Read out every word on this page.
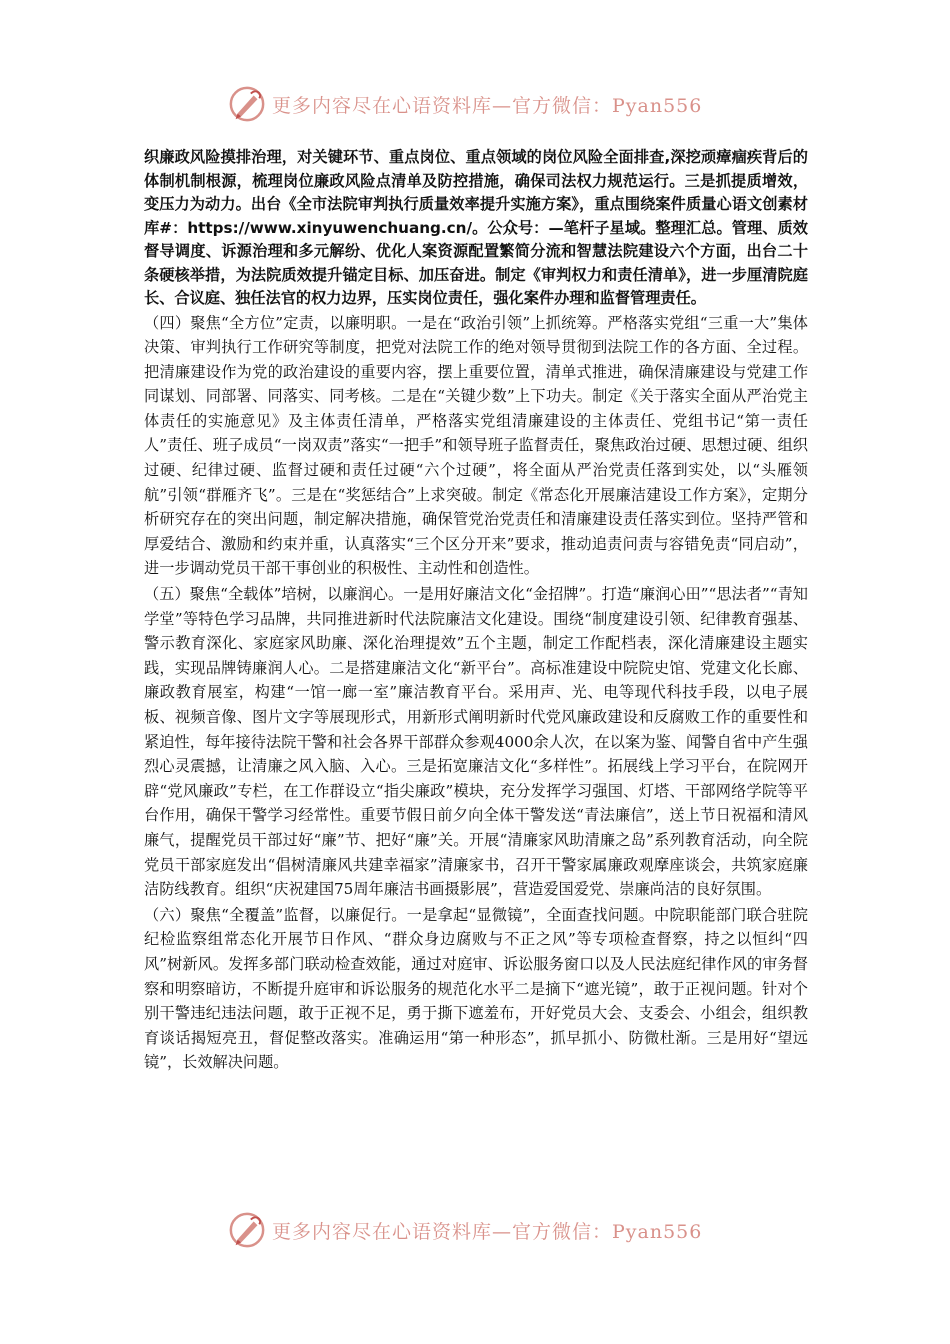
更多内容尽在心语资料库—官方微信：Pyan556

织廉政风险摸排治理，对关键环节、重点岗位、重点领域的岗位风险全面排查,深挖顽瘴痼疾背后的体制机制根源，梳理岗位廉政风险点清单及防控措施，确保司法权力规范运行。三是抓提质增效，变压力为动力。出台《全市法院审判执行质量效率提升实施方案》，重点围绕案件质量心语文创素材库#：https://www.xinyuwenchuang.cn/。公众号：—笔杆子星域。整理汇总。管理、质效督导调度、诉源治理和多元解纷、优化人案资源配置繁简分流和智慧法院建设六个方面，出台二十条硬核举措，为法院质效提升锚定目标、加压奋进。制定《审判权力和责任清单》，进一步厘清院庭长、合议庭、独任法官的权力边界，压实岗位责任，强化案件办理和监督管理责任。

（四）聚焦“全方位”定责，以廉明职。一是在“政治引领”上抓统筹。严格落实党组“三重一大”集体决策、审判执行工作研究等制度，把党对法院工作的绝对领导贯彻到法院工作的各方面、全过程。把清廉建设作为党的政治建设的重要内容，摆上重要位置，清单式推进，确保清廉建设与党建工作同谋划、同部署、同落实、同考核。二是在“关键少数”上下功夫。制定《关于落实全面从严治党主体责任的实施意见》及主体责任清单，严格落实党组清廉建设的主体责任、党组书记“第一责任人”责任、班子成员“一岗双责”落实“一把手”和领导班子监督责任，聚焦政治过硬、思想过硬、组织过硬、纪律过硬、监督过硬和责任过硬“六个过硬”，将全面从严治党责任落到实处，以“头雁领航”引领“群雁齐飞”。三是在“奖惩结合”上求突破。制定《常态化开展廉洁建设工作方案》，定期分析研究存在的突出问题，制定解决措施，确保管党治党责任和清廉建设责任落实到位。坚持严管和厚爱结合、激励和约束并重，认真落实“三个区分开来”要求，推动追责问责与容错免责“同启动”，进一步调动党员干部干事创业的积极性、主动性和创造性。

（五）聚焦“全载体”培树，以廉润心。一是用好廉洁文化“金招牌”。打造“廉润心田”“思法者”“青知学堂”等特色学习品牌，共同推进新时代法院廉洁文化建设。围绕“制度建设引领、纪律教育强基、警示教育深化、家庭家风助廉、深化治理提效”五个主题，制定工作配档表，深化清廉建设主题实践，实现品牌铸廉润人心。二是搭建廉洁文化“新平台”。高标准建设中院院史馆、党建文化长廊、廉政教育展室，构建“一馆一廊一室”廉洁教育平台。采用声、光、电等现代科技手段，以电子展板、视频音像、图片文字等展现形式，用新形式阐明新时代党风廉政建设和反腐败工作的重要性和紧迫性，每年接待法院干警和社会各界干部群众参观4000余人次，在以案为鉴、闻警自省中产生强烈心灵震撼，让清廉之风入脑、入心。三是拓宽廉洁文化“多样性”。拓展线上学习平台，在院网开辟“党风廉政”专栏，在工作群设立“指尖廉政”模块，充分发挥学习强国、灯塔、干部网络学院等平台作用，确保干警学习经常性。重要节假日前夕向全体干警发送“青法廉信”，送上节日祝福和清风廉气，提醒党员干部过好“廉”节、把好“廉”关。开展“清廉家风助清廉之岛”系列教育活动，向全院党员干部家庭发出“倡树清廉风共建幸福家”清廉家书，召开干警家属廉政观摩座谈会，共筑家庭廉洁防线教育。组织“庆祝建国75周年廉洁书画摄影展”，营造爱国爱党、崇廉尚洁的良好氛围。

（六）聚焦“全覆盖”监督，以廉促行。一是拿起“显微镜”，全面查找问题。中院职能部门联合驻院纪检监察组常态化开展节日作风、“群众身边腐败与不正之风”等专项检查督察，持之以恒纠“四风”树新风。发挥多部门联动检查效能，通过对庭审、诉讼服务窗口以及人民法庭纪律作风的审务督察和明察暗访，不断提升庭审和诉讼服务的规范化水平二是摘下“遮光镜”，敢于正视问题。针对个别干警违纪违法问题，敢于正视不足，勇于撕下遮羞布，开好党员大会、支委会、小组会，组织教育谈话揭短亮丑，督促整改落实。准确运用“第一种形态”，抓早抓小、防微杜渐。三是用好“望远镜”，长效解决问题。

更多内容尽在心语资料库—官方微信：Pyan556
